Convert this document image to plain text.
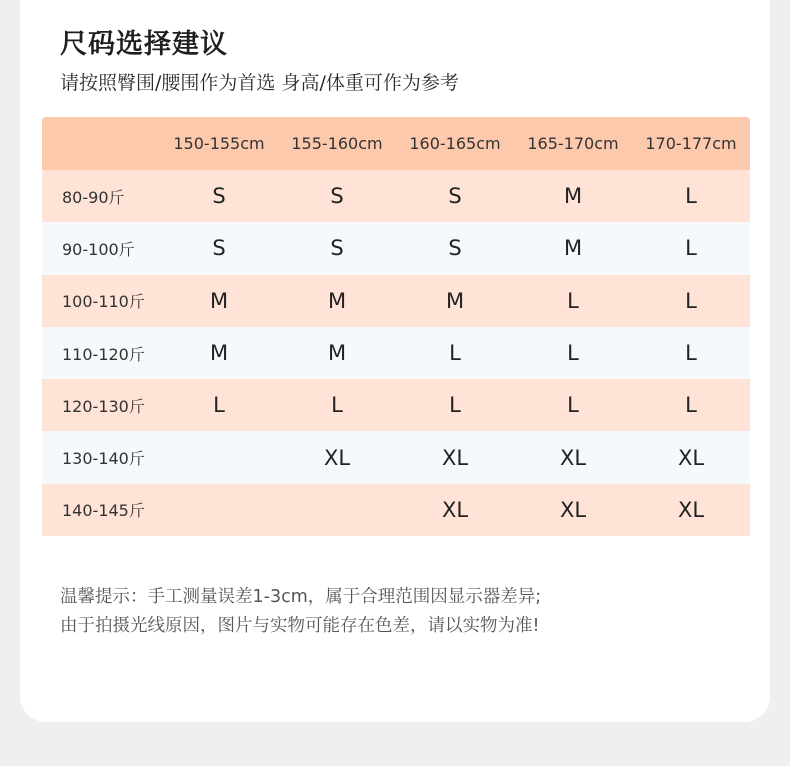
尺码选择建议
请按照臀围/腰围作为首选 身高/体重可作为参考
	150-155cm	155-160cm	160-165cm	165-170cm	170-177cm
80-90斤	S	S	S	M	L
90-100斤	S	S	S	M	L
100-110斤	M	M	M	L	L
110-120斤	M	M	L	L	L
120-130斤	L	L	L	L	L
130-140斤		XL	XL	XL	XL
140-145斤			XL	XL	XL
温馨提示：手工测量误差1-3cm，属于合理范围因显示器差异;
由于拍摄光线原因，图片与实物可能存在色差，请以实物为准!
